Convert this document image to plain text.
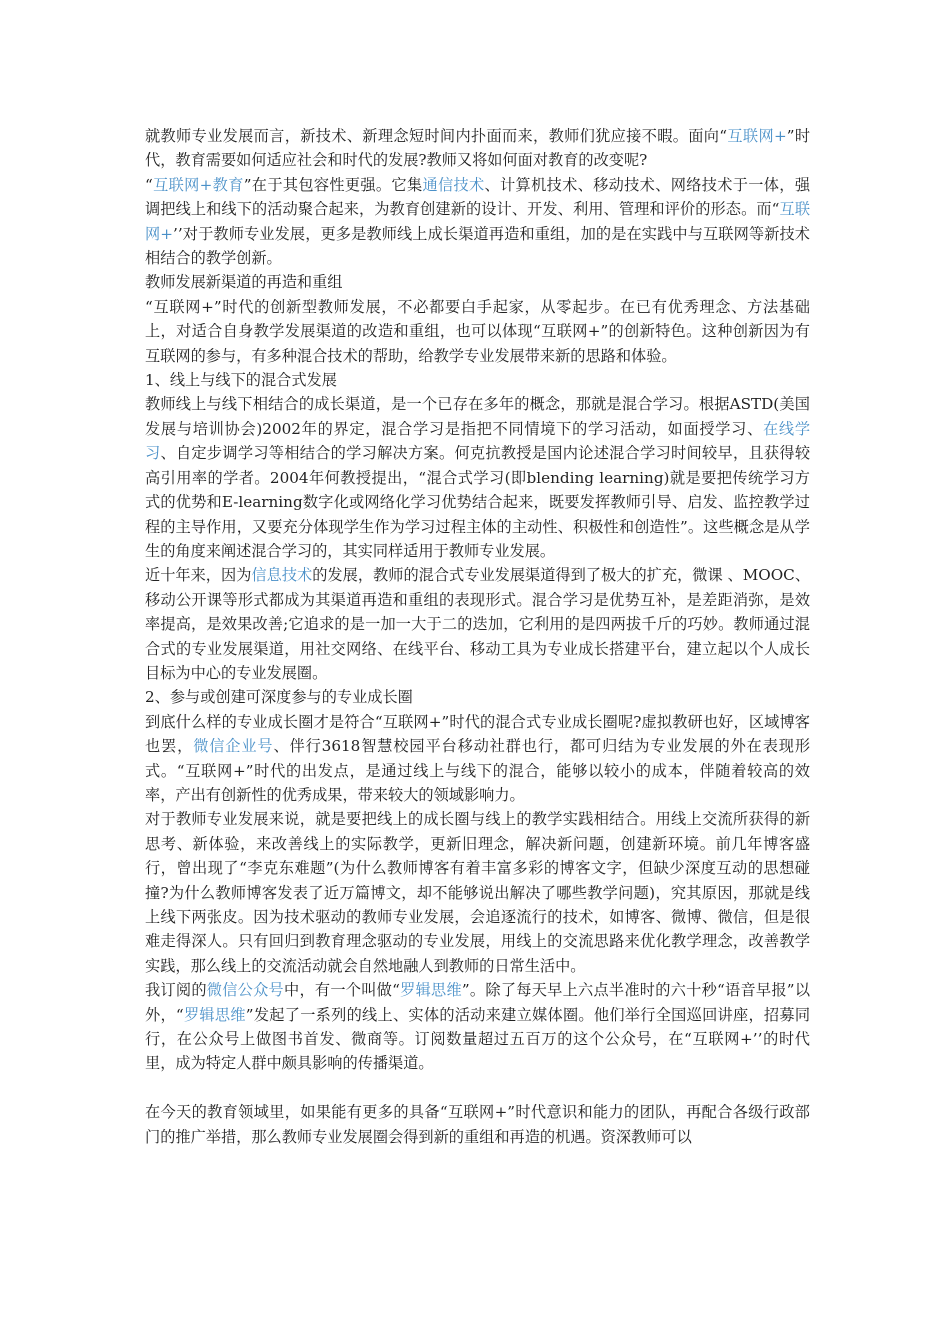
就教师专业发展而言，新技术、新理念短时间内扑面而来，教师们犹应接不暇。面向“互联网+”时代，教育需要如何适应社会和时代的发展?教师又将如何面对教育的改变呢?

“互联网+教育”在于其包容性更强。它集通信技术、计算机技术、移动技术、网络技术于一体，强调把线上和线下的活动聚合起来，为教育创建新的设计、开发、利用、管理和评价的形态。而“互联网+’’对于教师专业发展，更多是教师线上成长渠道再造和重组，加的是在实践中与互联网等新技术相结合的教学创新。

教师发展新渠道的再造和重组

“互联网+”时代的创新型教师发展，不必都要白手起家，从零起步。在已有优秀理念、方法基础上，对适合自身教学发展渠道的改造和重组，也可以体现“互联网+”的创新特色。这种创新因为有互联网的参与，有多种混合技术的帮助，给教学专业发展带来新的思路和体验。

1、线上与线下的混合式发展

教师线上与线下相结合的成长渠道，是一个已存在多年的概念，那就是混合学习。根据ASTD(美国发展与培训协会)2002年的界定，混合学习是指把不同情境下的学习活动，如面授学习、在线学习、自定步调学习等相结合的学习解决方案。何克抗教授是国内论述混合学习时间较早，且获得较高引用率的学者。2004年何教授提出，“混合式学习(即blending learning)就是要把传统学习方式的优势和E-learning数字化或网络化学习优势结合起来，既要发挥教师引导、启发、监控教学过程的主导作用，又要充分体现学生作为学习过程主体的主动性、积极性和创造性”。这些概念是从学生的角度来阐述混合学习的，其实同样适用于教师专业发展。

近十年来，因为信息技术的发展，教师的混合式专业发展渠道得到了极大的扩充，微课 、MOOC、移动公开课等形式都成为其渠道再造和重组的表现形式。混合学习是优势互补，是差距消弥，是效率提高，是效果改善;它追求的是一加一大于二的迭加，它利用的是四两拔千斤的巧妙。教师通过混合式的专业发展渠道，用社交网络、在线平台、移动工具为专业成长搭建平台，建立起以个人成长目标为中心的专业发展圈。

2、参与或创建可深度参与的专业成长圈

到底什么样的专业成长圈才是符合“互联网+”时代的混合式专业成长圈呢?虚拟教研也好，区域博客也罢，微信企业号、伴行3618智慧校园平台移动社群也行，都可归结为专业发展的外在表现形式。“互联网+”时代的出发点，是通过线上与线下的混合，能够以较小的成本，伴随着较高的效率，产出有创新性的优秀成果，带来较大的领域影响力。

对于教师专业发展来说，就是要把线上的成长圈与线上的教学实践相结合。用线上交流所获得的新思考、新体验，来改善线上的实际教学，更新旧理念，解决新问题，创建新环境。前几年博客盛行，曾出现了“李克东难题”(为什么教师博客有着丰富多彩的博客文字，但缺少深度互动的思想碰撞?为什么教师博客发表了近万篇博文，却不能够说出解决了哪些教学问题)，究其原因，那就是线上线下两张皮。因为技术驱动的教师专业发展，会追逐流行的技术，如博客、微博、微信，但是很难走得深人。只有回归到教育理念驱动的专业发展，用线上的交流思路来优化教学理念，改善教学实践，那么线上的交流活动就会自然地融人到教师的日常生活中。

我订阅的微信公众号中，有一个叫做“罗辑思维”。除了每天早上六点半准时的六十秒“语音早报”以外，“罗辑思维”发起了一系列的线上、实体的活动来建立媒体圈。他们举行全国巡回讲座，招募同行，在公众号上做图书首发、微商等。订阅数量超过五百万的这个公众号，在“互联网+’’的时代里，成为特定人群中颇具影响的传播渠道。

在今天的教育领域里，如果能有更多的具备“互联网+”时代意识和能力的团队，再配合各级行政部门的推广举措，那么教师专业发展圈会得到新的重组和再造的机遇。资深教师可以
